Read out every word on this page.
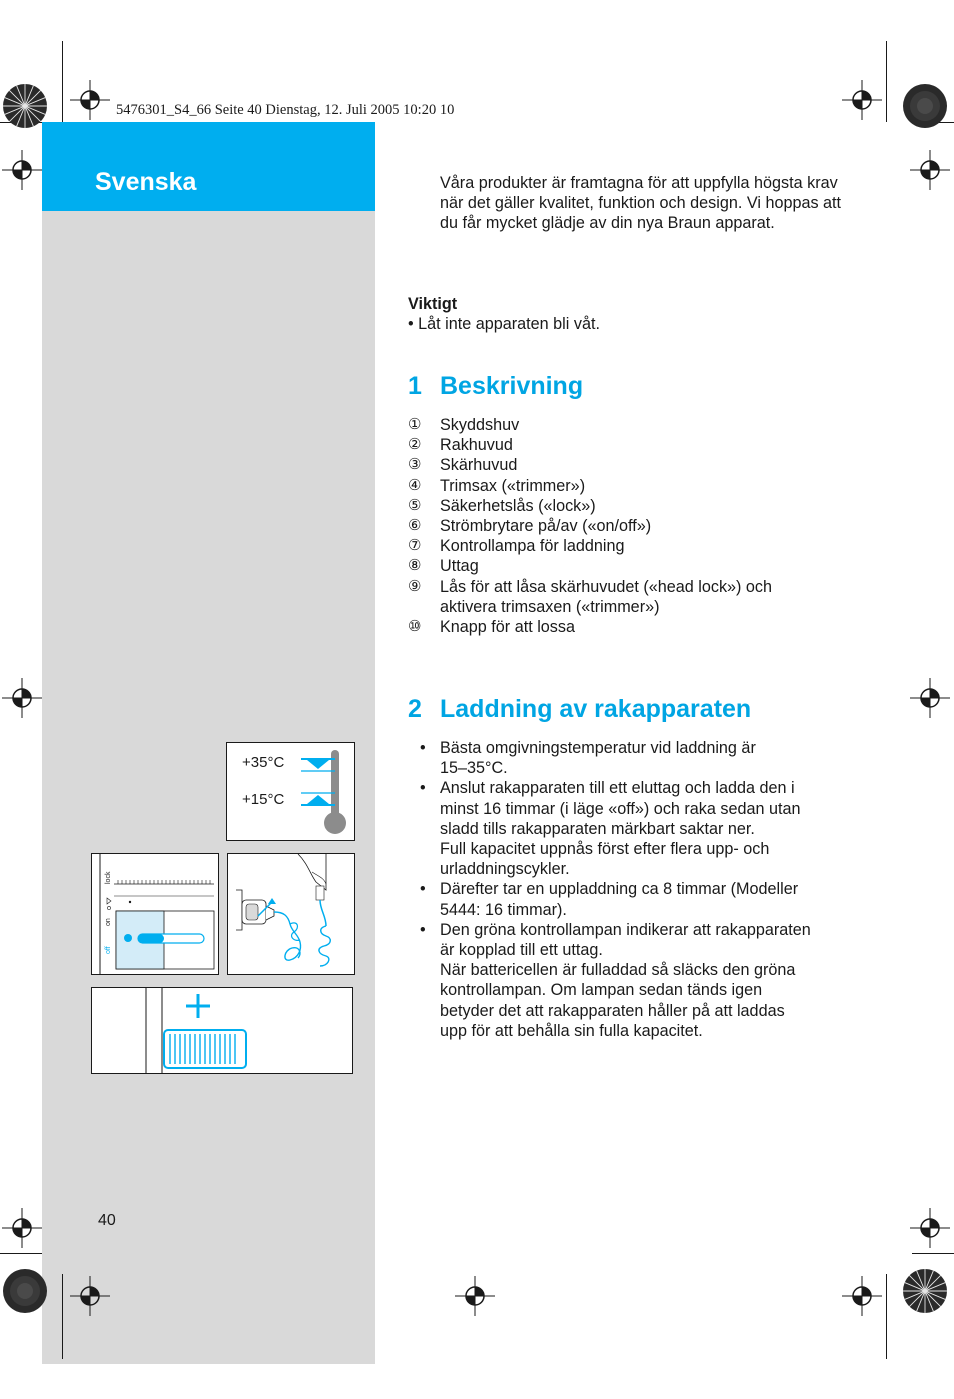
Svenska
5476301_S4_66 Seite 40 Dienstag, 12. Juli 2005 10:20 10
Våra produkter är framtagna för att uppfylla högsta krav när det gäller kvalitet, funktion och design. Vi hoppas att du får mycket glädje av din nya Braun apparat.
Viktigt
• Låt inte apparaten bli våt.
1 Beskrivning
①	Skyddshuv
②	Rakhuvud
③	Skärhuvud
④	Trimsax («trimmer»)
⑤	Säkerhetslås («lock»)
⑥	Strömbrytare på/av («on/off»)
⑦	Kontrollampa för laddning
⑧	Uttag
⑨	Lås för att låsa skärhuvudet («head lock») och aktivera trimsaxen («trimmer»)
⑩	Knapp för att lossa
2 Laddning av rakapparaten
• Bästa omgivningstemperatur vid laddning är
15–35°C.
• Anslut rakapparaten till ett eluttag och ladda den i
minst 16 timmar (i läge «off») och raka sedan utan
sladd tills rakapparaten märkbart saktar ner.
Full kapacitet uppnås först efter flera upp- och
urladdningscykler.
• Därefter tar en uppladdning ca 8 timmar (Modeller
5444: 16 timmar).
• Den gröna kontrollampan indikerar att rakapparaten
är kopplad till ett uttag.
När battericellen är fulladdad så släcks den gröna
kontrollampan. Om lampan sedan tänds igen
betyder det att rakapparaten håller på att laddas
upp för att behålla sin fulla kapacitet.
+35°C
+15°C
lock
on
off
40
